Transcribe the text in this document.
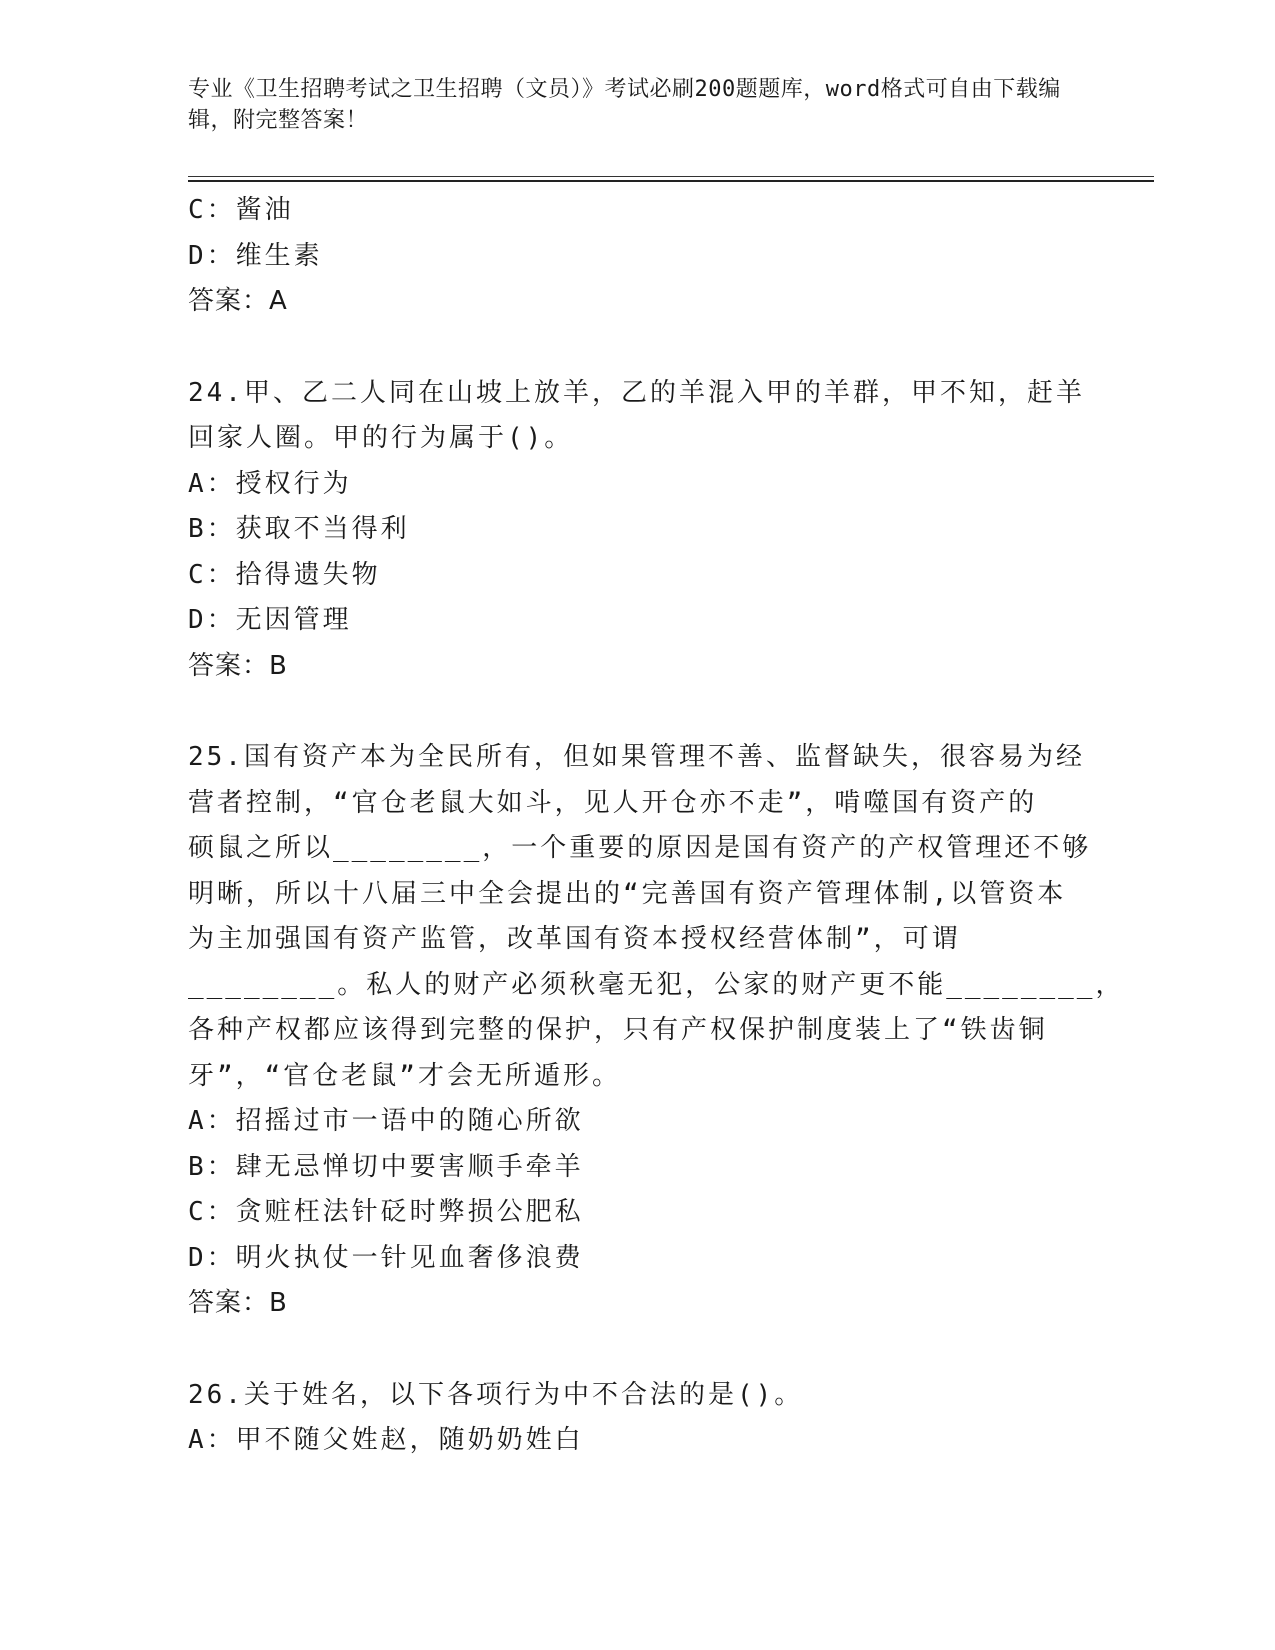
专业《卫生招聘考试之卫生招聘（文员）》考试必刷200题题库，word格式可自由下载编辑，附完整答案！
C：酱油
D：维生素
答案：A
24.甲、乙二人同在山坡上放羊，乙的羊混入甲的羊群，甲不知，赶羊
回家人圈。甲的行为属于()。
A：授权行为
B：获取不当得利
C：拾得遗失物
D：无因管理
答案：B
25.国有资产本为全民所有，但如果管理不善、监督缺失，很容易为经
营者控制，“官仓老鼠大如斗，见人开仓亦不走”，啃噬国有资产的
硕鼠之所以________，一个重要的原因是国有资产的产权管理还不够
明晰，所以十八届三中全会提出的“完善国有资产管理体制,以管资本
为主加强国有资产监管，改革国有资本授权经营体制”，可谓
________。私人的财产必须秋毫无犯，公家的财产更不能________，
各种产权都应该得到完整的保护，只有产权保护制度装上了“铁齿铜
牙”，“官仓老鼠”才会无所遁形。
A：招摇过市一语中的随心所欲
B：肆无忌惮切中要害顺手牵羊
C：贪赃枉法针砭时弊损公肥私
D：明火执仗一针见血奢侈浪费
答案：B
26.关于姓名，以下各项行为中不合法的是()。
A：甲不随父姓赵，随奶奶姓白
